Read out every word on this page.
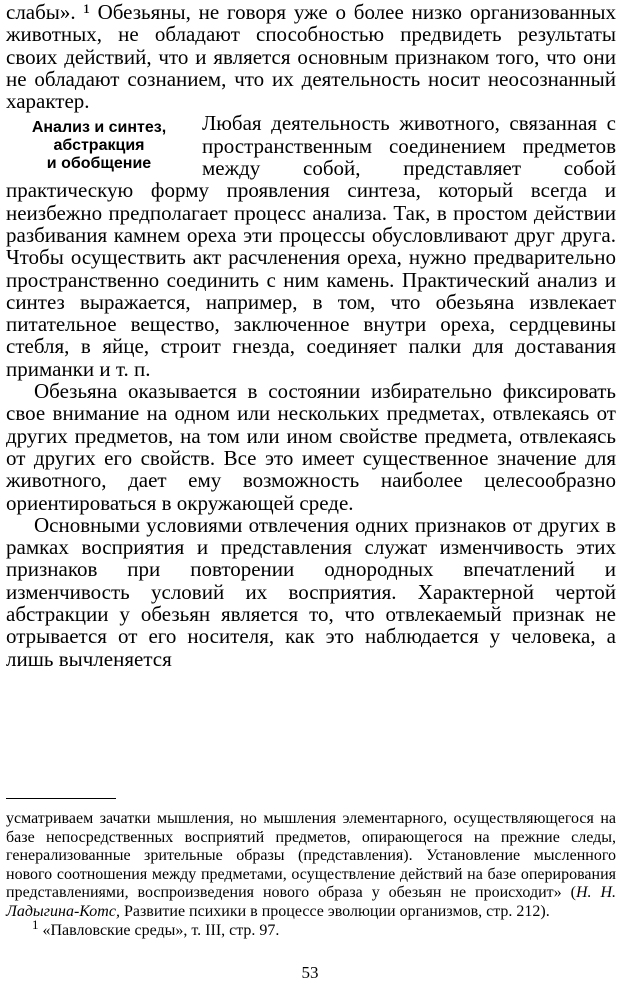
слабы». ¹ Обезьяны, не говоря уже о более низко организованных животных, не обладают способностью предвидеть результаты своих действий, что и является основным признаком того, что они не обладают сознанием, что их деятельность носит неосознанный характер.

Анализ и синтез,
абстракция
и обобщение

Любая деятельность животного, связанная с пространственным соединением предметов между собой, представляет собой практическую форму проявления синтеза, который всегда и неизбежно предполагает процесс анализа. Так, в простом действии разбивания камнем ореха эти процессы обусловливают друг друга. Чтобы осуществить акт расчленения ореха, нужно предварительно пространственно соединить с ним камень. Практический анализ и синтез выражается, например, в том, что обезьяна извлекает питательное вещество, заключенное внутри ореха, сердцевины стебля, в яйце, строит гнезда, соединяет палки для доставания приманки и т. п.

Обезьяна оказывается в состоянии избирательно фиксировать свое внимание на одном или нескольких предметах, отвлекаясь от других предметов, на том или ином свойстве предмета, отвлекаясь от других его свойств. Все это имеет существенное значение для животного, дает ему возможность наиболее целесообразно ориентироваться в окружающей среде.

Основными условиями отвлечения одних признаков от других в рамках восприятия и представления служат изменчивость этих признаков при повторении однородных впечатлений и изменчивость условий их восприятия. Характерной чертой абстракции у обезьян является то, что отвлекаемый признак не отрывается от его носителя, как это наблюдается у человека, а лишь вычленяется

усматриваем зачатки мышления, но мышления элементарного, осуществляющегося на базе непосредственных восприятий предметов, опирающегося на прежние следы, генерализованные зрительные образы (представления). Установление мысленного нового соотношения между предметами, осуществление действий на базе оперирования представлениями, воспроизведения нового образа у обезьян не происходит» (Н. Н. Ладыгина-Котс, Развитие психики в процессе эволюции организмов, стр. 212).

$^1$ «Павловские среды», т. III, стр. 97.

53
